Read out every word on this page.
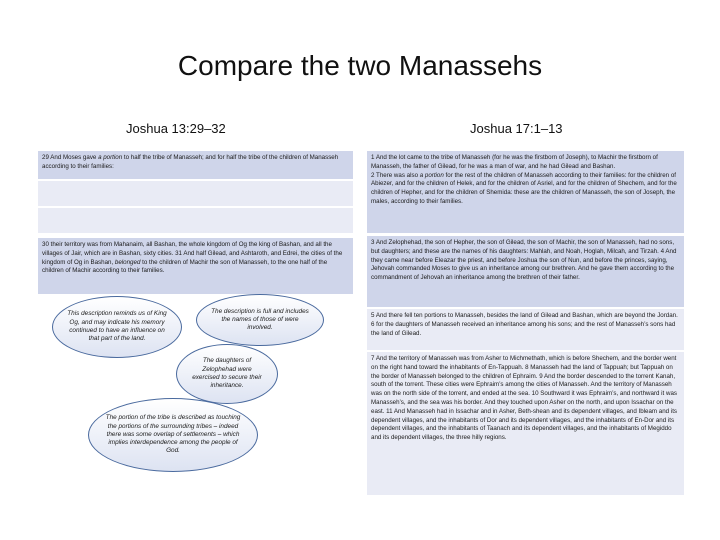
Compare the two Manassehs
Joshua 13:29–32	Joshua 17:1–13
29 And Moses gave a portion to half the tribe of Manasseh; and for half the tribe of the children of Manasseh according to their families:
30 their territory was from Mahanaim, all Bashan, the whole kingdom of Og the king of Bashan, and all the villages of Jair, which are in Bashan, sixty cities. 31 And half Gilead, and Ashtaroth, and Edrei, the cities of the kingdom of Og in Bashan, belonged to the children of Machir the son of Manasseh, to the one half of the children of Machir according to their families.
1 And the lot came to the tribe of Manasseh (for he was the firstborn of Joseph), to Machir the firstborn of Manasseh, the father of Gilead, for he was a man of war, and he had Gilead and Bashan.
2 There was also a portion for the rest of the children of Manasseh according to their families: for the children of Abiezer, and for the children of Helek, and for the children of Asriel, and for the children of Shechem, and for the children of Hepher, and for the children of Shemida: these are the children of Manasseh, the son of Joseph, the males, according to their families.
3 And Zelophehad, the son of Hepher, the son of Gilead, the son of Machir, the son of Manasseh, had no sons, but daughters; and these are the names of his daughters: Mahlah, and Noah, Hoglah, Milcah, and Tirzah. 4 And they came near before Eleazar the priest, and before Joshua the son of Nun, and before the princes, saying, Jehovah commanded Moses to give us an inheritance among our brethren. And he gave them according to the commandment of Jehovah an inheritance among the brethren of their father.
5 And there fell ten portions to Manasseh, besides the land of Gilead and Bashan, which are beyond the Jordan. 6 for the daughters of Manasseh received an inheritance among his sons; and the rest of Manasseh’s sons had the land of Gilead.
7 And the territory of Manasseh was from Asher to Michmethath, which is before Shechem, and the border went on the right hand toward the inhabitants of En-Tappuah. 8 Manasseh had the land of Tappuah; but Tappuah on the border of Manasseh belonged to the children of Ephraim. 9 And the border descended to the torrent Kanah, south of the torrent. These cities were Ephraim’s among the cities of Manasseh. And the territory of Manasseh was on the north side of the torrent, and ended at the sea. 10 Southward it was Ephraim’s, and northward it was Manasseh’s, and the sea was his border. And they touched upon Asher on the north, and upon Issachar on the east. 11 And Manasseh had in Issachar and in Asher, Beth-shean and its dependent villages, and Ibleam and its dependent villages, and the inhabitants of Dor and its dependent villages, and the inhabitants of En-Dor and its dependent villages, and the inhabitants of Taanach and its dependent villages, and the inhabitants of Megiddo and its dependent villages, the three hilly regions.
This description reminds us of King Og, and may indicate his memory continued to have an influence on that part of the land.
The description is full and includes the names of those of were involved.
The daughters of Zelophehad were exercised to secure their inheritance.
The portion of the tribe is described as touching the portions of the surrounding tribes – indeed there was some overlap of settlements – which implies interdependence among the people of God.
